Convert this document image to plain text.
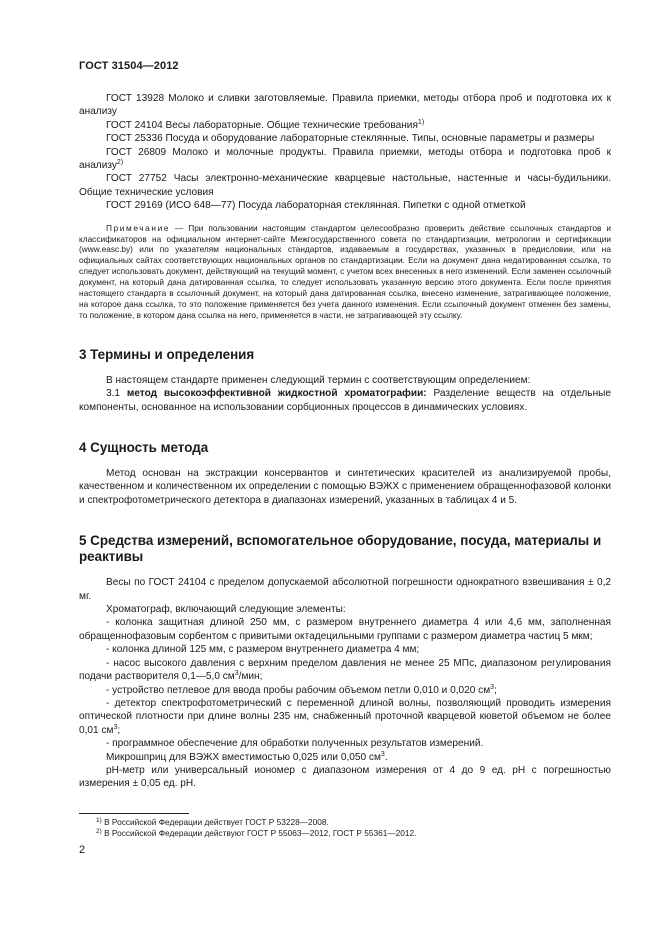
ГОСТ 31504—2012

ГОСТ 13928 Молоко и сливки заготовляемые. Правила приемки, методы отбора проб и подготовка их к анализу

ГОСТ 24104 Весы лабораторные. Общие технические требования$^{1)}$

ГОСТ 25336 Посуда и оборудование лабораторные стеклянные. Типы, основные параметры и размеры

ГОСТ 26809 Молоко и молочные продукты. Правила приемки, методы отбора и подготовка проб к анализу$^{2)}$

ГОСТ 27752 Часы электронно-механические кварцевые настольные, настенные и часы-будильники. Общие технические условия

ГОСТ 29169 (ИСО 648—77) Посуда лабораторная стеклянная. Пипетки с одной отметкой

Примечание — При пользовании настоящим стандартом целесообразно проверить действие ссылочных стандартов и классификаторов на официальном интернет-сайте Межгосударственного совета по стандартизации, метрологии и сертификации (www.easc.by) или по указателям национальных стандартов, издаваемым в государствах, указанных в предисловии, или на официальных сайтах соответствующих национальных органов по стандартизации. Если на документ дана недатированная ссылка, то следует использовать документ, действующий на текущий момент, с учетом всех внесенных в него изменений. Если заменен ссылочный документ, на который дана датированная ссылка, то следует использовать указанную версию этого документа. Если после принятия настоящего стандарта в ссылочный документ, на который дана датированная ссылка, внесено изменение, затрагивающее положение, на которое дана ссылка, то это положение применяется без учета данного изменения. Если ссылочный документ отменен без замены, то положение, в котором дана ссылка на него, применяется в части, не затрагивающей эту ссылку.

3 Термины и определения

В настоящем стандарте применен следующий термин с соответствующим определением:

3.1 метод высокоэффективной жидкостной хроматографии: Разделение веществ на отдельные компоненты, основанное на использовании сорбционных процессов в динамических условиях.

4 Сущность метода

Метод основан на экстракции консервантов и синтетических красителей из анализируемой пробы, качественном и количественном их определении с помощью ВЭЖХ с применением обращеннофазовой колонки и спектрофотометрического детектора в диапазонах измерений, указанных в таблицах 4 и 5.

5 Средства измерений, вспомогательное оборудование, посуда, материалы и реактивы

Весы по ГОСТ 24104 с пределом допускаемой абсолютной погрешности однократного взвешивания ± 0,2 мг.

Хроматограф, включающий следующие элементы:

- колонка защитная длиной 250 мм, с размером внутреннего диаметра 4 или 4,6 мм, заполненная обращеннофазовым сорбентом с привитыми октадецильными группами с размером диаметра частиц 5 мкм;

- колонка длиной 125 мм, с размером внутреннего диаметра 4 мм;

- насос высокого давления с верхним пределом давления не менее 25 МПс, диапазоном регулирования подачи растворителя 0,1—5,0 $см^3$/мин;

- устройство петлевое для ввода пробы рабочим объемом петли 0,010 и 0,020 $см^3$;

- детектор спектрофотометрический с переменной длиной волны, позволяющий проводить измерения оптической плотности при длине волны 235 нм, снабженный проточной кварцевой кюветой объемом не более 0,01 $см^3$;

- программное обеспечение для обработки полученных результатов измерений.

Микрошприц для ВЭЖХ вместимостью 0,025 или 0,050 $см^3$.

pH-метр или универсальный иономер с диапазоном измерения от 4 до 9 ед. pH с погрешностью измерения ± 0,05 ед. pH.

$^{1)}$ В Российской Федерации действует ГОСТ Р 53228—2008.
$^{2)}$ В Российской Федерации действуют ГОСТ Р 55063—2012, ГОСТ Р 55361—2012.
2
